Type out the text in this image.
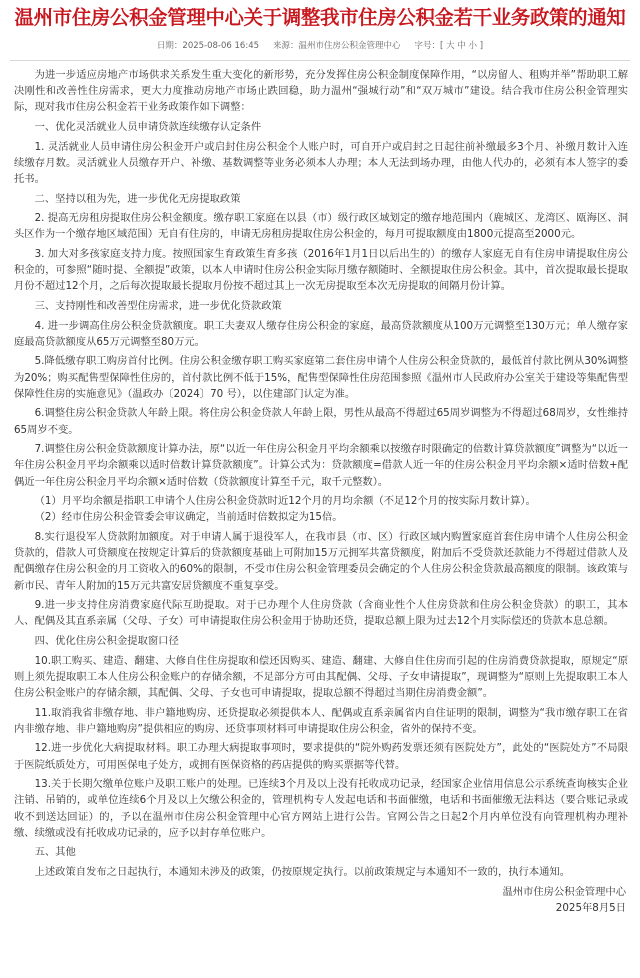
温州市住房公积金管理中心关于调整我市住房公积金若干业务政策的通知
日期：2025-08-06 16:45 来源：温州市住房公积金管理中心 字号：[ 大 中 小 ]

为进一步适应房地产市场供求关系发生重大变化的新形势，充分发挥住房公积金制度保障作用，“以房留人、租购并举”帮助职工解决刚性和改善性住房需求，更大力度推动房地产市场止跌回稳，助力温州“强城行动”和“双万城市”建设。结合我市住房公积金管理实际，现对我市住房公积金若干业务政策作如下调整：

一、优化灵活就业人员申请贷款连续缴存认定条件

1. 灵活就业人员申请住房公积金开户或启封住房公积金个人账户时，可自开户或启封之日起往前补缴最多3个月、补缴月数计入连续缴存月数。灵活就业人员缴存开户、补缴、基数调整等业务必须本人办理；本人无法到场办理，由他人代办的，必须有本人签字的委托书。

二、坚持以租为先，进一步优化无房提取政策

2. 提高无房租房提取住房公积金额度。缴存职工家庭在以县（市）级行政区域划定的缴存地范围内（鹿城区、龙湾区、瓯海区、洞头区作为一个缴存地区域范围）无自有住房的，申请无房租房提取住房公积金的，每月可提取额度由1800元提高至2000元。

3. 加大对多孩家庭支持力度。按照国家生育政策生育多孩（2016年1月1日以后出生的）的缴存人家庭无自有住房申请提取住房公积金的，可参照“随时提、全额提”政策，以本人申请时住房公积金实际月缴存额随时、全额提取住房公积金。其中，首次提取最长提取月份不超过12个月，之后每次提取最长提取月份按不超过其上一次无房提取至本次无房提取的间隔月份计算。

三、支持刚性和改善型住房需求，进一步优化贷款政策

4. 进一步调高住房公积金贷款额度。职工夫妻双人缴存住房公积金的家庭，最高贷款额度从100万元调整至130万元；单人缴存家庭最高贷款额度从65万元调整至80万元。

5.降低缴存职工购房首付比例。住房公积金缴存职工购买家庭第二套住房申请个人住房公积金贷款的，最低首付款比例从30%调整为20%；购买配售型保障性住房的，首付款比例不低于15%，配售型保障性住房范围参照《温州市人民政府办公室关于建设等集配售型保障性住房的实施意见》（温政办〔2024〕70 号），以住建部门认定为准。

6.调整住房公积金贷款人年龄上限。将住房公积金贷款人年龄上限，男性从最高不得超过65周岁调整为不得超过68周岁，女性维持65周岁不变。

7.调整住房公积金贷款额度计算办法，原“以近一年住房公积金月平均余额乘以按缴存时限确定的倍数计算贷款额度”调整为“以近一年住房公积金月平均余额乘以适时倍数计算贷款额度”。计算公式为：贷款额度=借款人近一年的住房公积金月平均余额×适时倍数+配偶近一年住房公积金月平均余额×适时倍数（贷款额度计算至千元，取千元整数）。

（1）月平均余额是指职工申请个人住房公积金贷款时近12个月的月均余额（不足12个月的按实际月数计算）。

（2）经市住房公积金管委会审议确定，当前适时倍数拟定为15倍。

8.实行退役军人贷款附加额度。对于申请人属于退役军人，在我市县（市、区）行政区域内购置家庭首套住房申请个人住房公积金贷款的，借款人可贷额度在按规定计算后的贷款额度基础上可附加15万元拥军共富贷额度，附加后不受贷款还款能力不得超过借款人及配偶缴存住房公积金的月工资收入的60%的限制，不受市住房公积金管理委员会确定的个人住房公积金贷款最高额度的限制。该政策与新市民、青年人附加的15万元共富安居贷额度不重复享受。

9.进一步支持住房消费家庭代际互助提取。对于已办理个人住房贷款（含商业性个人住房贷款和住房公积金贷款）的职工，其本人、配偶及其直系亲属（父母、子女）可申请提取住房公积金用于协助还贷，提取总额上限为过去12个月实际偿还的贷款本息总额。

四、优化住房公积金提取窗口径

10.职工购买、建造、翻建、大修自住住房提取和偿还因购买、建造、翻建、大修自住住房而引起的住房消费贷款提取，原规定“原则上须先提取职工本人住房公积金账户的存储余额，不足部分方可由其配偶、父母、子女申请提取”，现调整为“原则上先提取职工本人住房公积金账户的存储余额，其配偶、父母、子女也可申请提取，提取总额不得超过当期住房消费金额”。

11.取消我省非缴存地、非户籍地购房、还贷提取必须提供本人、配偶或直系亲属省内自住证明的限制，调整为“我市缴存职工在省内非缴存地、非户籍地购房”提供相应的购房、还贷事项材料可申请提取住房公积金，省外的保持不变。

12.进一步优化大病提取材料。职工办理大病提取事项时，要求提供的“院外购药发票还须有医院处方”，此处的“医院处方”不局限于医院纸质处方，可用医保电子处方，或拥有医保资格的药店提供的购买票据等代替。

13.关于长期欠缴单位账户及职工账户的处理。已连续3个月及以上没有托收成功记录，经国家企业信用信息公示系统查询核实企业注销、吊销的，或单位连续6个月及以上欠缴公积金的，管理机构专人发起电话和书面催缴，电话和书面催缴无法料达（要合账记录或收不到送达回证）的，予以在温州市住房公积金管理中心官方网站上进行公告。官网公告之日起2个月内单位没有向管理机构办理补缴、续缴或没有托收成功记录的，应予以封存单位账户。

五、其他

上述政策自发布之日起执行，本通知未涉及的政策，仍按原规定执行。以前政策规定与本通知不一致的，执行本通知。

温州市住房公积金管理中心
2025年8月5日
